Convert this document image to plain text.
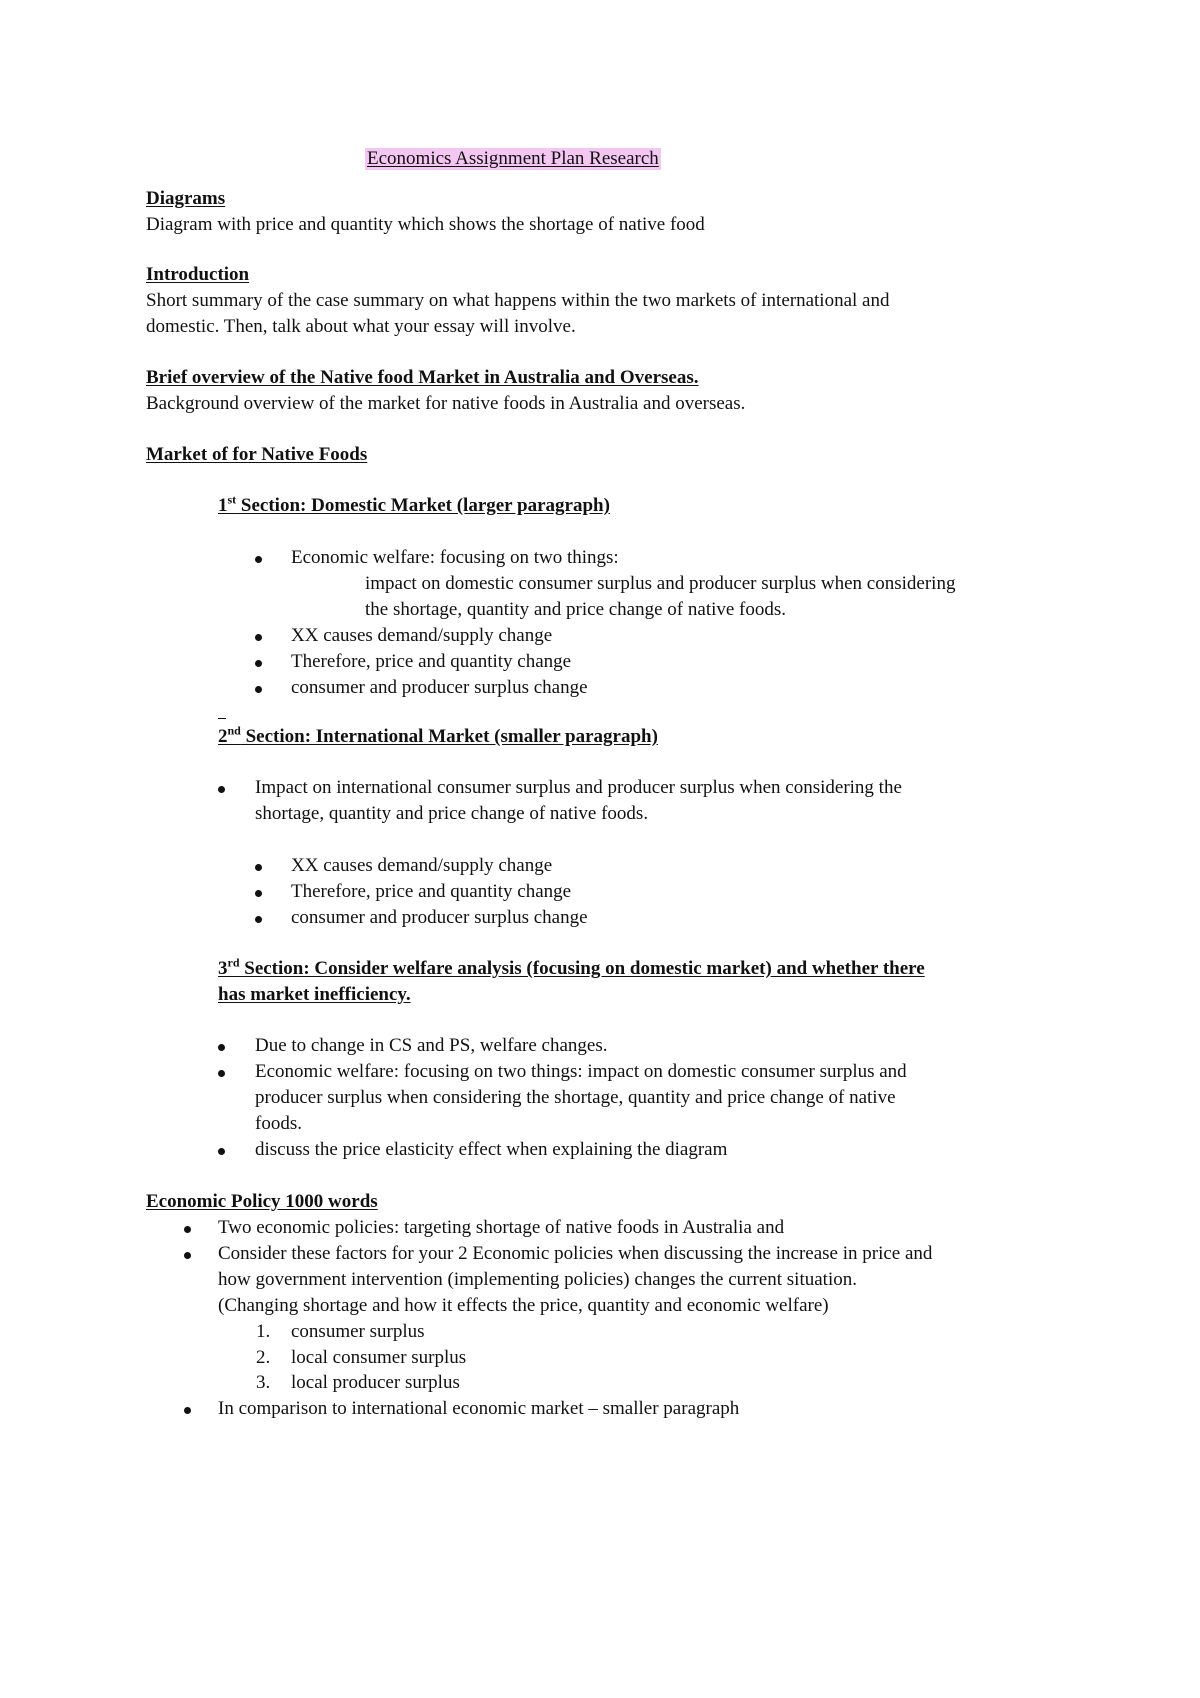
Economics Assignment Plan Research
Diagrams
Diagram with price and quantity which shows the shortage of native food
Introduction
Short summary of the case summary on what happens within the two markets of international and
domestic. Then, talk about what your essay will involve.
Brief overview of the Native food Market in Australia and Overseas.
Background overview of the market for native foods in Australia and overseas.
Market of for Native Foods
1st Section: Domestic Market (larger paragraph)
Economic welfare: focusing on two things:
impact on domestic consumer surplus and producer surplus when considering
the shortage, quantity and price change of native foods.
XX causes demand/supply change
Therefore, price and quantity change
consumer and producer surplus change
2nd Section: International Market (smaller paragraph)
Impact on international consumer surplus and producer surplus when considering the
shortage, quantity and price change of native foods.
XX causes demand/supply change
Therefore, price and quantity change
consumer and producer surplus change
3rd Section: Consider welfare analysis (focusing on domestic market) and whether there
has market inefficiency.
Due to change in CS and PS, welfare changes.
Economic welfare: focusing on two things: impact on domestic consumer surplus and
producer surplus when considering the shortage, quantity and price change of native
foods.
discuss the price elasticity effect when explaining the diagram
Economic Policy 1000 words
Two economic policies: targeting shortage of native foods in Australia and
Consider these factors for your 2 Economic policies when discussing the increase in price and
how government intervention (implementing policies) changes the current situation.
(Changing shortage and how it effects the price, quantity and economic welfare)
1. consumer surplus
2. local consumer surplus
3. local producer surplus
In comparison to international economic market – smaller paragraph
